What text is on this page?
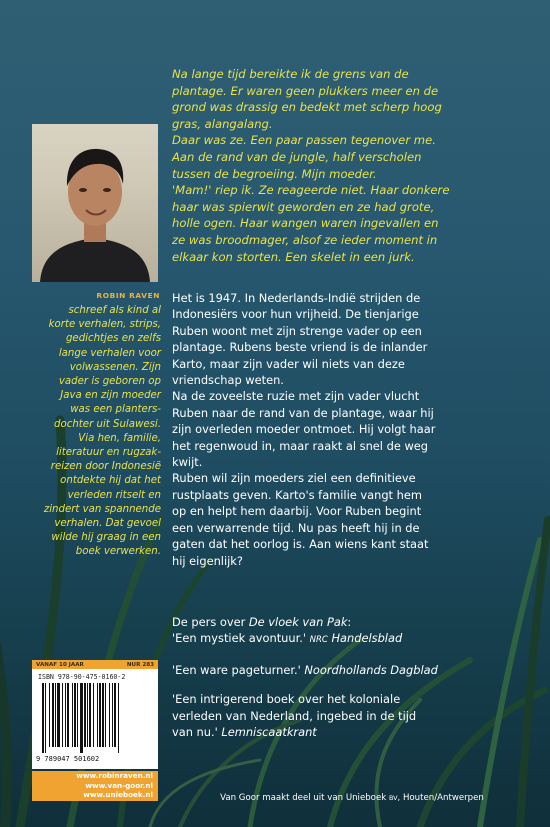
Na lange tijd bereikte ik de grens van de

plantage. Er waren geen plukkers meer en de

grond was drassig en bedekt met scherp hoog

gras, alangalang.

Daar was ze. Een paar passen tegenover me.

Aan de rand van de jungle, half verscholen

tussen de begroeiing. Mijn moeder.

'Mam!' riep ik. Ze reageerde niet. Haar donkere

haar was spierwit geworden en ze had grote,

holle ogen. Haar wangen waren ingevallen en

ze was broodmager, alsof ze ieder moment in

elkaar kon storten. Een skelet in een jurk.

ROBIN RAVEN
schreef als kind al
korte verhalen, strips,
gedichtjes en zelfs
lange verhalen voor
volwassenen. Zijn
vader is geboren op
Java en zijn moeder
was een planters-
dochter uit Sulawesi.
Via hen, familie,
literatuur en rugzak-
reizen door Indonesië
ontdekte hij dat het
verleden ritselt en
zindert van spannende
verhalen. Dat gevoel
wilde hij graag in een
boek verwerken.

Het is 1947. In Nederlands-Indië strijden de

Indonesiërs voor hun vrijheid. De tienjarige

Ruben woont met zijn strenge vader op een

plantage. Rubens beste vriend is de inlander

Karto, maar zijn vader wil niets van deze

vriendschap weten.

Na de zoveelste ruzie met zijn vader vlucht

Ruben naar de rand van de plantage, waar hij

zijn overleden moeder ontmoet. Hij volgt haar

het regenwoud in, maar raakt al snel de weg

kwijt.

Ruben wil zijn moeders ziel een definitieve

rustplaats geven. Karto's familie vangt hem

op en helpt hem daarbij. Voor Ruben begint

een verwarrende tijd. Nu pas heeft hij in de

gaten dat het oorlog is. Aan wiens kant staat

hij eigenlijk?

De pers over De vloek van Pak:

'Een mystiek avontuur.' NRC Handelsblad

'Een ware pageturner.' Noordhollands Dagblad

'Een intrigerend boek over het koloniale

verleden van Nederland, ingebed in de tijd

van nu.' Lemniscaatkrant

VANAF 10 JAAR	NUR 283
ISBN 978-90-475-0160-2
9 789047 501602
www.robinraven.nl
www.van-goor.nl
www.unieboek.nl	Van Goor maakt deel uit van Unieboek BV, Houten/Antwerpen
